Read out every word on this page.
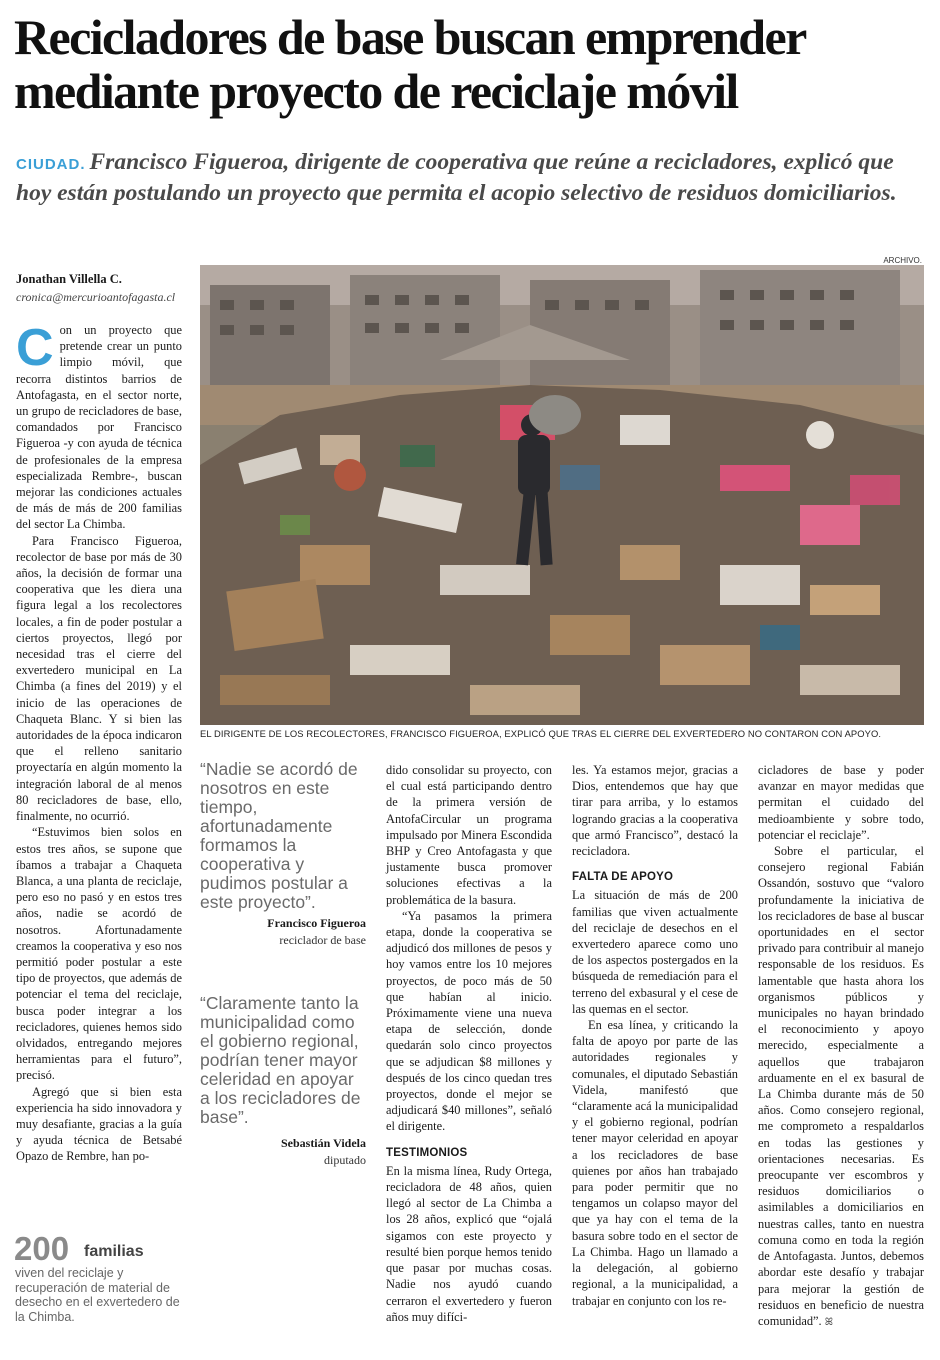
Recicladores de base buscan emprender mediante proyecto de reciclaje móvil
CIUDAD. Francisco Figueroa, dirigente de cooperativa que reúne a recicladores, explicó que hoy están postulando un proyecto que permita el acopio selectivo de residuos domiciliarios.
Jonathan Villella C.
cronica@mercurioantofagasta.cl
ARCHIVO.
EL DIRIGENTE DE LOS RECOLECTORES, FRANCISCO FIGUEROA, EXPLICÓ QUE TRAS EL CIERRE DEL EXVERTEDERO NO CONTARON CON APOYO.
C on un proyecto que pretende crear un punto limpio móvil, que recorra distintos barrios de Antofagasta, en el sector norte, un grupo de recicladores de base, comandados por Francisco Figueroa -y con ayuda de técnica de profesionales de la empresa especializada Rembre-, buscan mejorar las condiciones actuales de más de más de 200 familias del sector La Chimba.

Para Francisco Figueroa, recolector de base por más de 30 años, la decisión de formar una cooperativa que les diera una figura legal a los recolectores locales, a fin de poder postular a ciertos proyectos, llegó por necesidad tras el cierre del exvertedero municipal en La Chimba (a fines del 2019) y el inicio de las operaciones de Chaqueta Blanc. Y si bien las autoridades de la época indicaron que el relleno sanitario proyectaría en algún momento la integración laboral de al menos 80 recicladores de base, ello, finalmente, no ocurrió.

“Estuvimos bien solos en estos tres años, se supone que íbamos a trabajar a Chaqueta Blanca, a una planta de reciclaje, pero eso no pasó y en estos tres años, nadie se acordó de nosotros. Afortunadamente creamos la cooperativa y eso nos permitió poder postular a este tipo de proyectos, que además de potenciar el tema del reciclaje, busca poder integrar a los recicladores, quienes hemos sido olvidados, entregando mejores herramientas para el futuro”, precisó.

Agregó que si bien esta experiencia ha sido innovadora y muy desafiante, gracias a la guía y ayuda técnica de Betsabé Opazo de Rembre, han po-

“Nadie se acordó de nosotros en este tiempo, afortunadamente formamos la cooperativa y pudimos postular a este proyecto”.
Francisco Figueroa
reciclador de base
“Claramente tanto la municipalidad como el gobierno regional, podrían tener mayor celeridad en apoyar a los recicladores de base”.
Sebastián Videla
diputado
200 familias
viven del reciclaje y recuperación de material de desecho en el exvertedero de la Chimba.

dido consolidar su proyecto, con el cual está participando dentro de la primera versión de AntofaCircular un programa impulsado por Minera Escondida BHP y Creo Antofagasta y que justamente busca promover soluciones efectivas a la problemática de la basura.

“Ya pasamos la primera etapa, donde la cooperativa se adjudicó dos millones de pesos y hoy vamos entre los 10 mejores proyectos, de poco más de 50 que habían al inicio. Próximamente viene una nueva etapa de selección, donde quedarán solo cinco proyectos que se adjudican $8 millones y después de los cinco quedan tres proyectos, donde el mejor se adjudicará $40 millones”, señaló el dirigente.

TESTIMONIOS

En la misma línea, Rudy Ortega, recicladora de 48 años, quien llegó al sector de La Chimba a los 28 años, explicó que “ojalá sigamos con este proyecto y resulté bien porque hemos tenido que pasar por muchas cosas. Nadie nos ayudó cuando cerraron el exvertedero y fueron años muy difíci-

les. Ya estamos mejor, gracias a Dios, entendemos que hay que tirar para arriba, y lo estamos logrando gracias a la cooperativa que armó Francisco”, destacó la recicladora.

FALTA DE APOYO

La situación de más de 200 familias que viven actualmente del reciclaje de desechos en el exvertedero aparece como uno de los aspectos postergados en la búsqueda de remediación para el terreno del exbasural y el cese de las quemas en el sector.

En esa línea, y criticando la falta de apoyo por parte de las autoridades regionales y comunales, el diputado Sebastián Videla, manifestó que “claramente acá la municipalidad y el gobierno regional, podrían tener mayor celeridad en apoyar a los recicladores de base quienes por años han trabajado para poder permitir que no tengamos un colapso mayor del que ya hay con el tema de la basura sobre todo en el sector de La Chimba. Hago un llamado a la delegación, al gobierno regional, a la municipalidad, a trabajar en conjunto con los re-

cicladores de base y poder avanzar en mayor medidas que permitan el cuidado del medioambiente y sobre todo, potenciar el reciclaje”.

Sobre el particular, el consejero regional Fabián Ossandón, sostuvo que “valoro profundamente la iniciativa de los recicladores de base al buscar oportunidades en el sector privado para contribuir al manejo responsable de los residuos. Es lamentable que hasta ahora los organismos públicos y municipales no hayan brindado el reconocimiento y apoyo merecido, especialmente a aquellos que trabajaron arduamente en el ex basural de La Chimba durante más de 50 años. Como consejero regional, me comprometo a respaldarlos en todas las gestiones y orientaciones necesarias. Es preocupante ver escombros y residuos domiciliarios o asimilables a domiciliarios en nuestras calles, tanto en nuestra comuna como en toda la región de Antofagasta. Juntos, debemos abordar este desafío y trabajar para mejorar la gestión de residuos en beneficio de nuestra comunidad”. ꕤ
